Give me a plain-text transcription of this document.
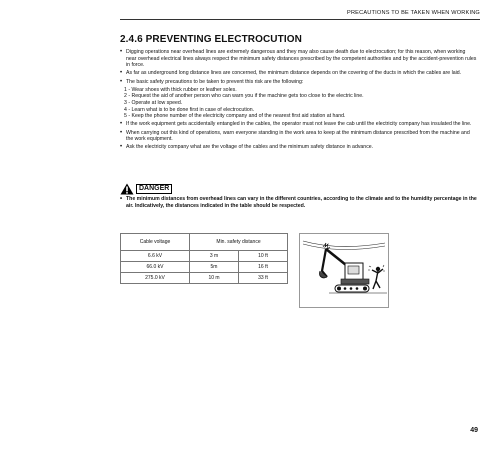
PRECAUTIONS TO BE TAKEN WHEN WORKING
2.4.6 PREVENTING ELECTROCUTION
• Digging operations near overhead lines are extremely dangerous and they may also cause death due to electrocution; for this reason, when working near overhead electrical lines always respect the minimum safety distances prescribed by the competent authorities and by the accident-prevention rules in force.
• As far as underground long distance lines are concerned, the minimum distance depends on the covering of the ducts in which the cables are laid.
• The basic safety precautions to be taken to prevent this risk are the following:
1 - Wear shoes with thick rubber or leather soles.
2 - Request the aid of another person who can warn you if the machine gets too close to the electric line.
3 - Operate at low speed.
4 - Learn what is to be done first in case of electrocution.
5 - Keep the phone number of the electricity company and of the nearest first aid station at hand.
• If the work equipment gets accidentally entangled in the cables, the operator must not leave the cab until the electricity company has insulated the line.
• When carrying out this kind of operations, warn everyone standing in the work area to keep at the minimum distance prescribed from the machine and the work equipment.
• Ask the electricity company what are the voltage of the cables and the minimum safety distance in advance.
DANGER
• The minimum distances from overhead lines can vary in the different countries, according to the climate and to the humidity percentage in the air. Indicatively, the distances indicated in the table should be respected.
Cable voltage	Min. safety distance	
6.6 kV	3 m	10 ft
66.0 kV	5m	16 ft
275.0 kV	10 m	33 ft
49
